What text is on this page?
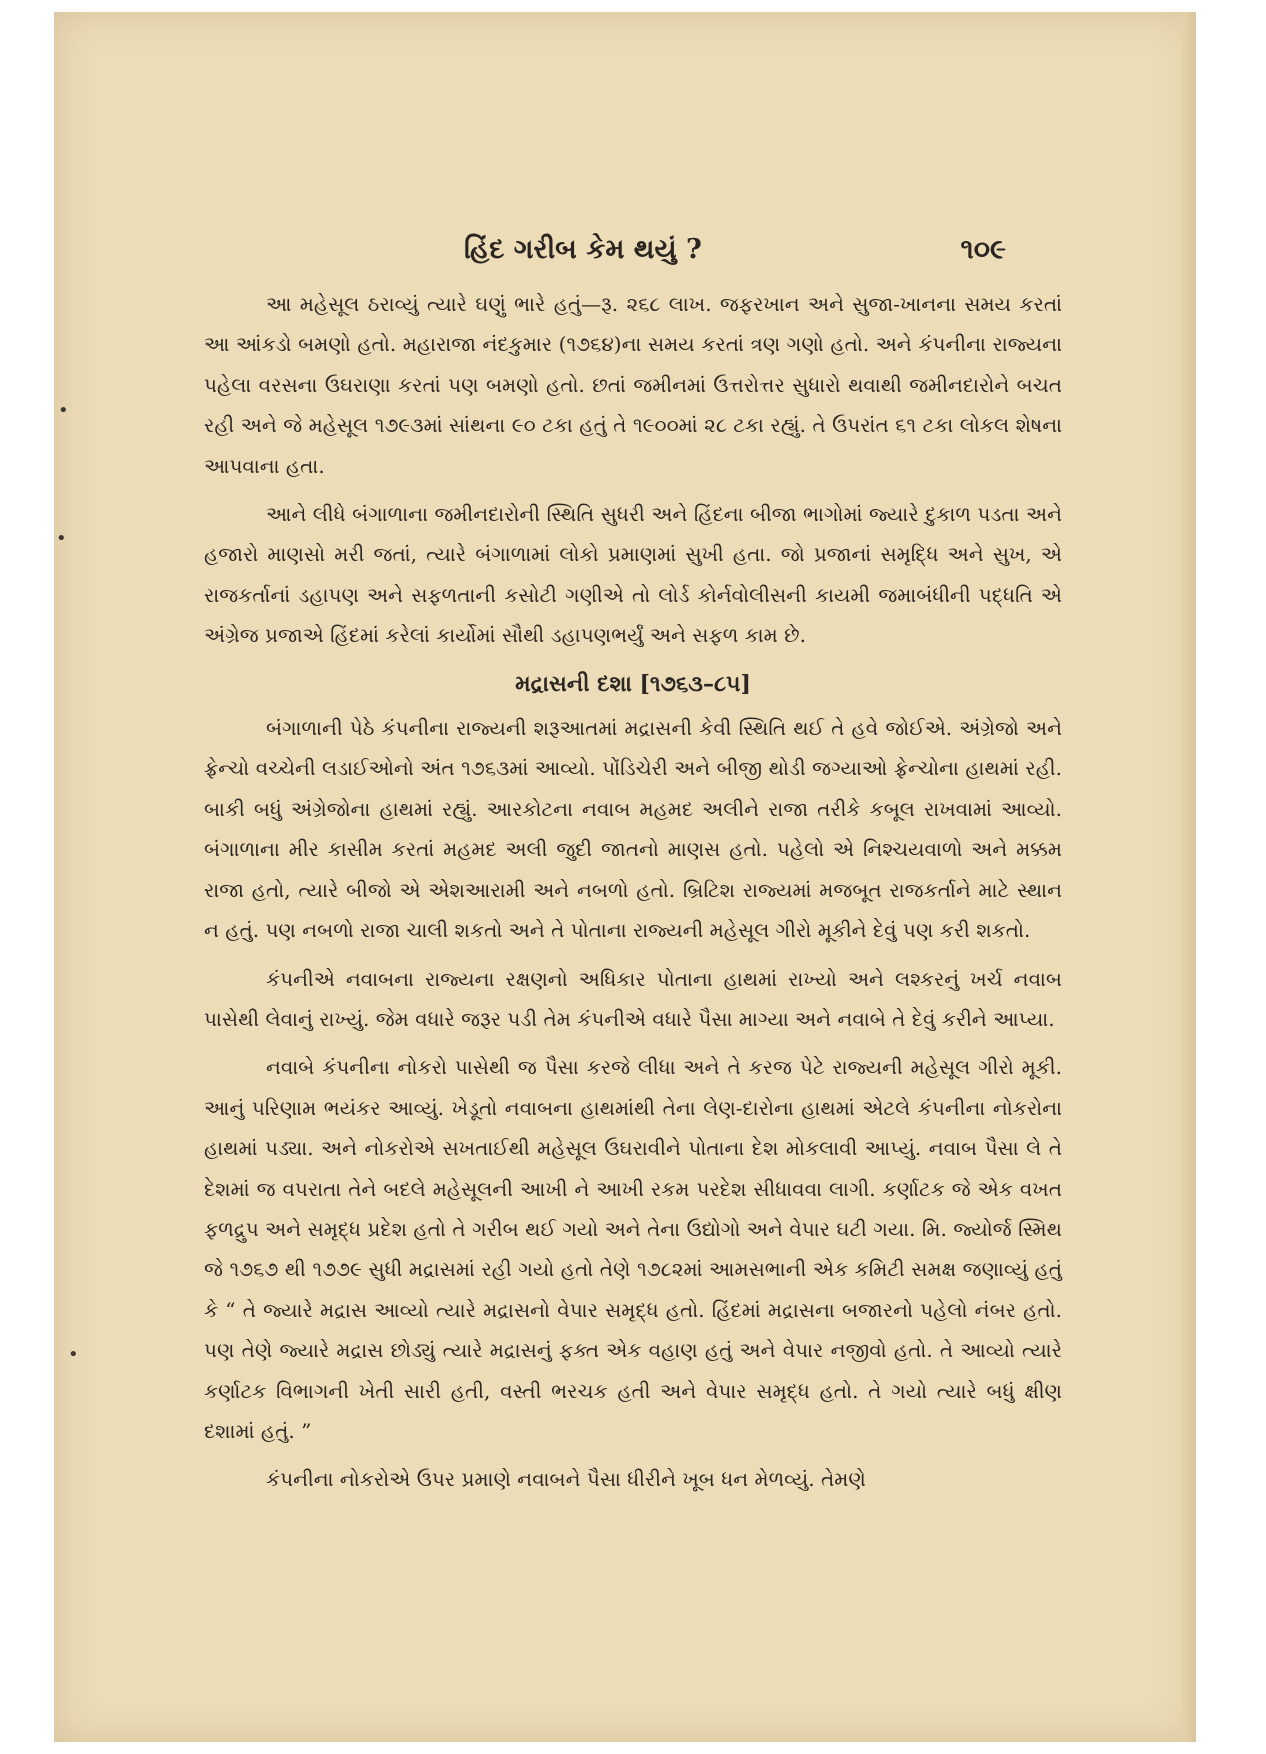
હિંદ ગરીબ કેમ થયું ?	૧૦૯

આ મહેસૂલ ઠરાવ્યું ત્યારે ઘણું ભારે હતું—રૂ. ૨૬૮ લાખ. જફરખાન અને સુજા-ખાનના સમય કરતાં આ આંકડો બમણો હતો. મહારાજા નંદકુમાર (૧૭૬૪)ના સમય કરતાં ત્રણ ગણો હતો. અને કંપનીના રાજ્યના પહેલા વરસના ઉઘરાણા કરતાં પણ બમણો હતો. છતાં જમીનમાં ઉત્તરોત્તર સુધારો થવાથી જમીનદારોને બચત રહી અને જે મહેસૂલ ૧૭૯૩માં સાંથના ૯૦ ટકા હતું તે ૧૯૦૦માં ૨૮ ટકા રહ્યું. તે ઉપરાંત ૬૧ ટકા લોકલ શેષના આપવાના હતા.

આને લીધે બંગાળાના જમીનદારોની સ્થિતિ સુધરી અને હિંદના બીજા ભાગોમાં જ્યારે દુકાળ પડતા અને હજારો માણસો મરી જતાં, ત્યારે બંગાળામાં લોકો પ્રમાણમાં સુખી હતા. જો પ્રજાનાં સમૃદ્ધિ અને સુખ, એ રાજકર્તાનાં ડહાપણ અને સફળતાની કસોટી ગણીએ તો લોર્ડ કોર્નવોલીસની કાયમી જમાબંધીની પદ્ધતિ એ અંગ્રેજ પ્રજાએ હિંદમાં કરેલાં કાર્યોમાં સૌથી ડહાપણભર્યું અને સફળ કામ છે.

મદ્રાસની દશા [૧૭૬૩–૮૫]

બંગાળાની પેઠે કંપનીના રાજ્યની શરૂઆતમાં મદ્રાસની કેવી સ્થિતિ થઈ તે હવે જોઈએ. અંગ્રેજો અને ફ્રેન્ચો વચ્ચેની લડાઈઓનો અંત ૧૭૬૩માં આવ્યો. પોંડિચેરી અને બીજી થોડી જગ્યાઓ ફ્રેન્ચોના હાથમાં રહી. બાકી બધું અંગ્રેજોના હાથમાં રહ્યું. આરકોટના નવાબ મહમદ અલીને રાજા તરીકે કબૂલ રાખવામાં આવ્યો. બંગાળાના મીર કાસીમ કરતાં મહમદ અલી જુદી જાતનો માણસ હતો. પહેલો એ નિશ્ચયવાળો અને મક્કમ રાજા હતો, ત્યારે બીજો એ એશઆરામી અને નબળો હતો. બ્રિટિશ રાજ્યમાં મજબૂત રાજકર્તાને માટે સ્થાન ન હતું. પણ નબળો રાજા ચાલી શકતો અને તે પોતાના રાજ્યની મહેસૂલ ગીરો મૂકીને દેવું પણ કરી શકતો.

કંપનીએ નવાબના રાજ્યના રક્ષણનો અધિકાર પોતાના હાથમાં રાખ્યો અને લશ્કરનું ખર્ચ નવાબ પાસેથી લેવાનું રાખ્યું. જેમ વધારે જરૂર પડી તેમ કંપનીએ વધારે પૈસા માગ્યા અને નવાબે તે દેવું કરીને આપ્યા.

નવાબે કંપનીના નોકરો પાસેથી જ પૈસા કરજે લીધા અને તે કરજ પેટે રાજ્યની મહેસૂલ ગીરો મૂકી. આનું પરિણામ ભયંકર આવ્યું. ખેડૂતો નવાબના હાથમાંથી તેના લેણ-દારોના હાથમાં એટલે કંપનીના નોકરોના હાથમાં પડ્યા. અને નોકરોએ સખતાઈથી મહેસૂલ ઉઘરાવીને પોતાના દેશ મોકલાવી આપ્યું. નવાબ પૈસા લે તે દેશમાં જ વપરાતા તેને બદલે મહેસૂલની આખી ને આખી રકમ પરદેશ સીધાવવા લાગી. કર્ણાટક જે એક વખત ફળદ્રુપ અને સમૃદ્ધ પ્રદેશ હતો તે ગરીબ થઈ ગયો અને તેના ઉદ્યોગો અને વેપાર ઘટી ગયા. મિ. જ્યોર્જ સ્મિથ જે ૧૭૬૭ થી ૧૭૭૯ સુધી મદ્રાસમાં રહી ગયો હતો તેણે ૧૭૮૨માં આમસભાની એક કમિટી સમક્ષ જણાવ્યું હતું કે “ તે જ્યારે મદ્રાસ આવ્યો ત્યારે મદ્રાસનો વેપાર સમૃદ્ધ હતો. હિંદમાં મદ્રાસના બજારનો પહેલો નંબર હતો. પણ તેણે જ્યારે મદ્રાસ છોડ્યું ત્યારે મદ્રાસનું ફક્ત એક વહાણ હતું અને વેપાર નજીવો હતો. તે આવ્યો ત્યારે કર્ણાટક વિભાગની ખેતી સારી હતી, વસ્તી ભરચક હતી અને વેપાર સમૃદ્ધ હતો. તે ગયો ત્યારે બધું ક્ષીણ દશામાં હતું. ”

કંપનીના નોકરોએ ઉપર પ્રમાણે નવાબને પૈસા ધીરીને ખૂબ ધન મેળવ્યું. તેમણે

•
•
•
